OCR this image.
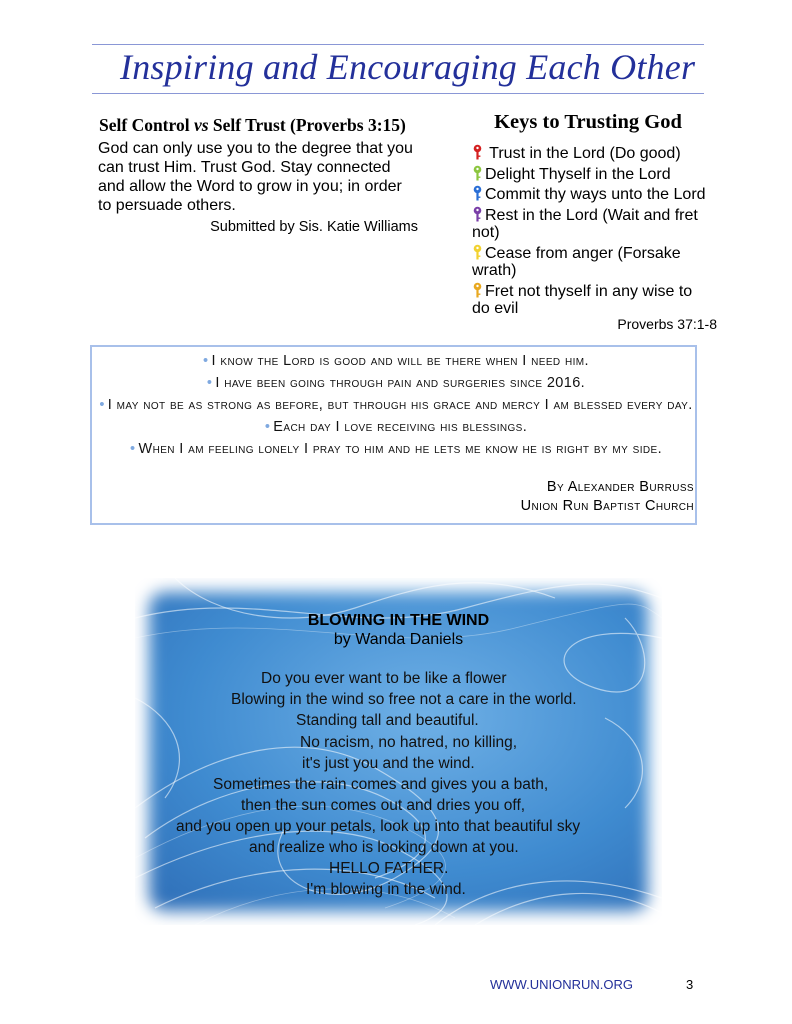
Inspiring and Encouraging Each Other
Self Control vs Self Trust (Proverbs 3:15)
God can only use you to the degree that you can trust Him. Trust God. Stay connected and allow the Word to grow in you; in order to persuade others.
Submitted by Sis. Katie Williams
Keys to Trusting God
Trust in the Lord (Do good)
Delight Thyself in the Lord
Commit thy ways unto the Lord
Rest in the Lord (Wait and fret not)
Cease from anger (Forsake wrath)
Fret not thyself in any wise to do evil
Proverbs 37:1-8
• I know the Lord is good and will be there when I need him.
• I have been going through pain and surgeries since 2016.
• I may not be as strong as before, but through his grace and mercy I am blessed every day.
• Each day I love receiving his blessings.
• When I am feeling lonely I pray to him and he lets me know he is right by my side.
By Alexander Burruss
Union Run Baptist Church
BLOWING IN THE WIND
by Wanda Daniels
Do you ever want to be like a flower
Blowing in the wind so free not a care in the world.
Standing tall and beautiful.
No racism, no hatred, no killing,
it's just you and the wind.
Sometimes the rain comes and gives you a bath,
then the sun comes out and dries you off,
and you open up your petals, look up into that beautiful sky
and realize who is looking down at you.
HELLO FATHER.
I'm blowing in the wind.
WWW.UNIONRUN.ORG	3
